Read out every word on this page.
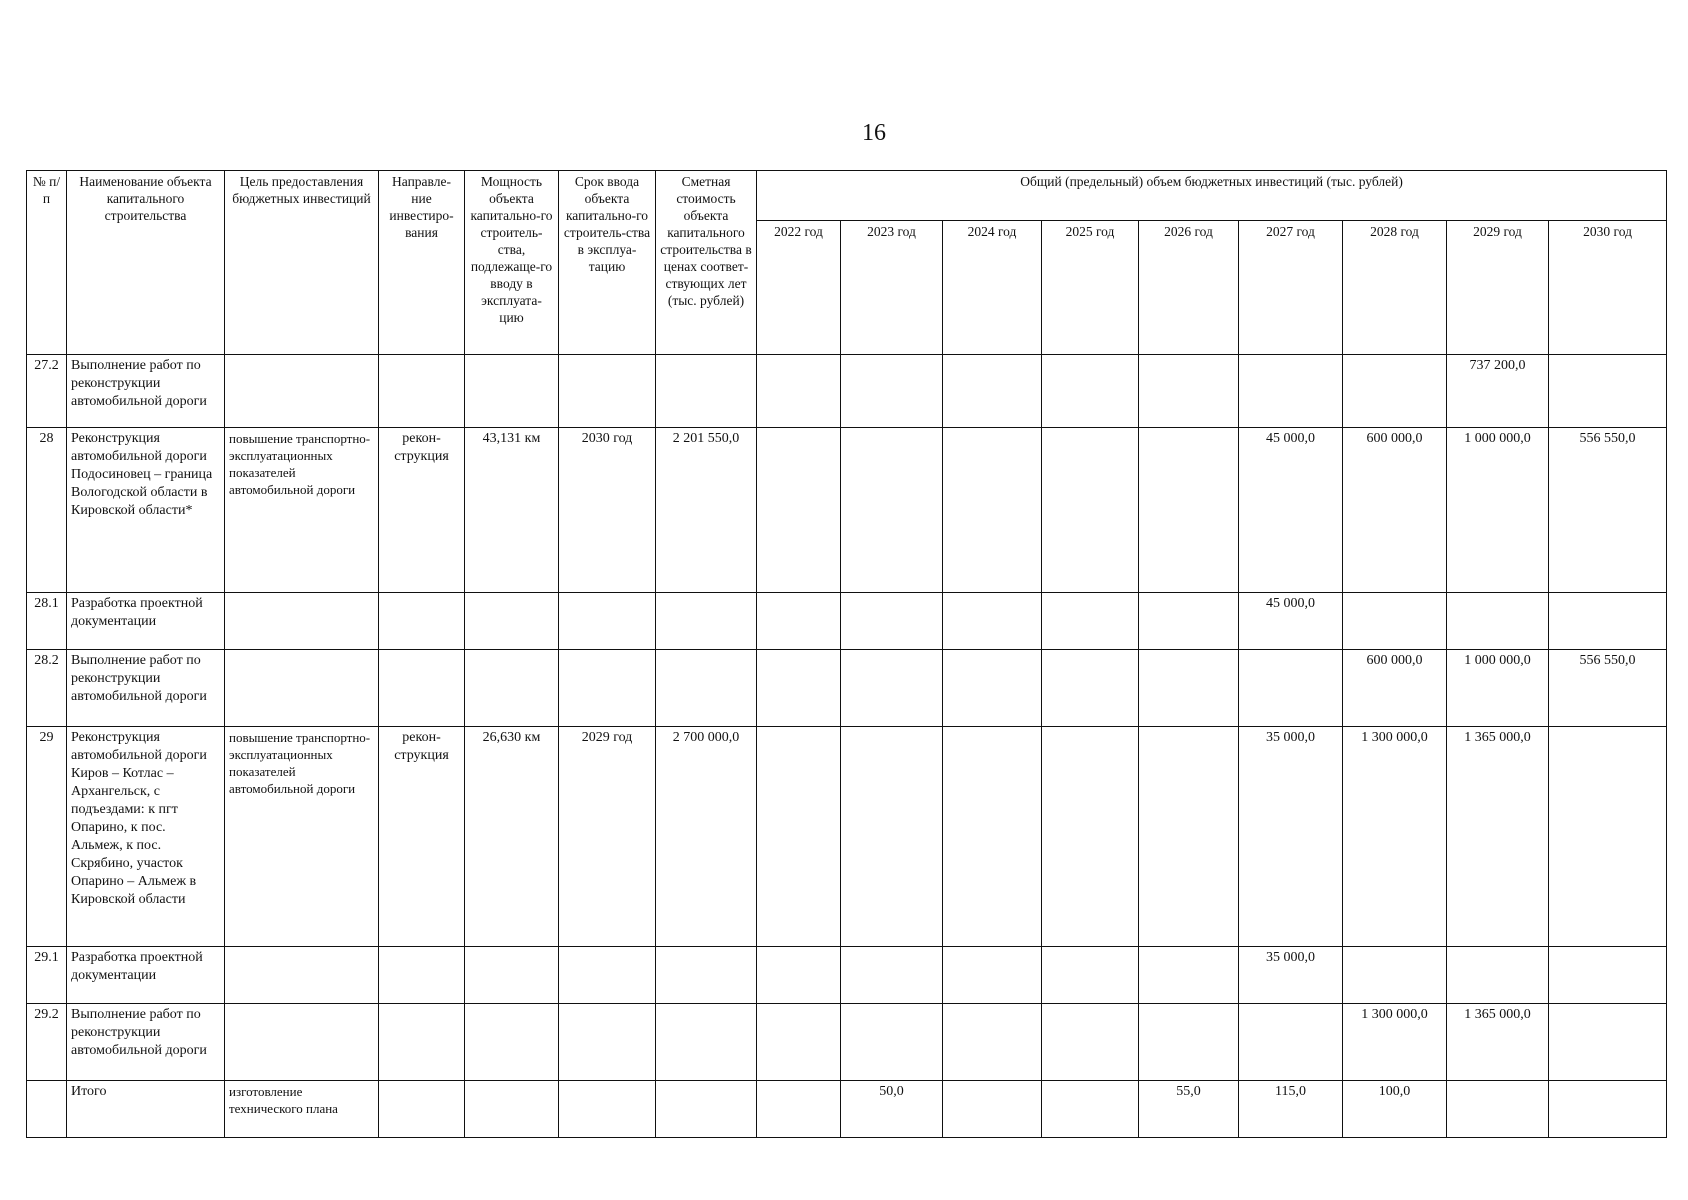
16
№ п/п	Наименование объекта капитального строительства	Цель предоставления бюджетных инвестиций	Направле-ние инвестиро-вания	Мощность объекта капитально-го строитель-ства, подлежаще-го вводу в эксплуата-цию	Срок ввода объекта капитально-го строитель-ства в эксплуа-тацию	Сметная стоимость объекта капитального строительства в ценах соответ-ствующих лет (тыс. рублей)	Общий (предельный) объем бюджетных инвестиций (тыс. рублей)								
							2022 год	2023 год	2024 год	2025 год	2026 год	2027 год	2028 год	2029 год	2030 год
27.2	Выполнение работ по реконструкции автомобильной дороги													737 200,0	
28	Реконструкция автомобильной дороги Подосиновец – граница Вологодской области в Кировской области*	повышение транспортно-эксплуатационных показателей автомобильной дороги	рекон-струкция	43,131 км	2030 год	2 201 550,0						45 000,0	600 000,0	1 000 000,0	556 550,0
28.1	Разработка проектной документации											45 000,0			
28.2	Выполнение работ по реконструкции автомобильной дороги												600 000,0	1 000 000,0	556 550,0
29	Реконструкция автомобильной дороги Киров – Котлас – Архангельск, с подъездами: к пгт Опарино, к пос. Альмеж, к пос. Скрябино, участок Опарино – Альмеж в Кировской области	повышение транспортно-эксплуатационных показателей автомобильной дороги	рекон-струкция	26,630 км	2029 год	2 700 000,0						35 000,0	1 300 000,0	1 365 000,0	
29.1	Разработка проектной документации											35 000,0			
29.2	Выполнение работ по реконструкции автомобильной дороги												1 300 000,0	1 365 000,0	
	Итого	изготовление технического плана						50,0			55,0	115,0	100,0		
